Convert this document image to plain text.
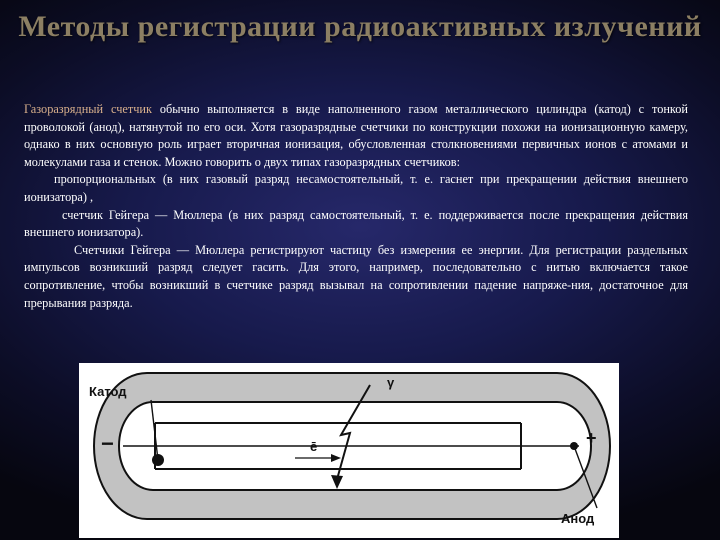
Методы регистрации радиоактивных излучений

Газоразрядный счетчик обычно выполняется в виде наполненного газом металлического цилиндра (катод) с тонкой проволокой (анод), натянутой по его оси. Хотя газоразрядные счетчики по конструкции похожи на ионизационную камеру, однако в них основную роль играет вторичная ионизация, обусловленная столкновениями первичных ионов с атомами и молекулами газа и стенок. Можно говорить о двух типах газоразрядных счетчиков:

пропорциональных (в них газовый разряд несамостоятельный, т. е. гаснет при прекращении действия внешнего ионизатора) ,

счетчик Гейгера — Мюллера (в них разряд самостоятельный, т. е. поддерживается после прекращения действия внешнего ионизатора).

Счетчики Гейгера — Мюллера регистрируют частицу без измерения ее энергии. Для регистрации раздельных импульсов возникший разряд следует гасить. Для этого, например, последовательно с нитью включается такое сопротивление, чтобы возникший в счетчике разряд вызывал на сопротивлении падение напряже-ния, достаточное для прерывания разряда.

Катод
Анод
γ
ē
−	+
